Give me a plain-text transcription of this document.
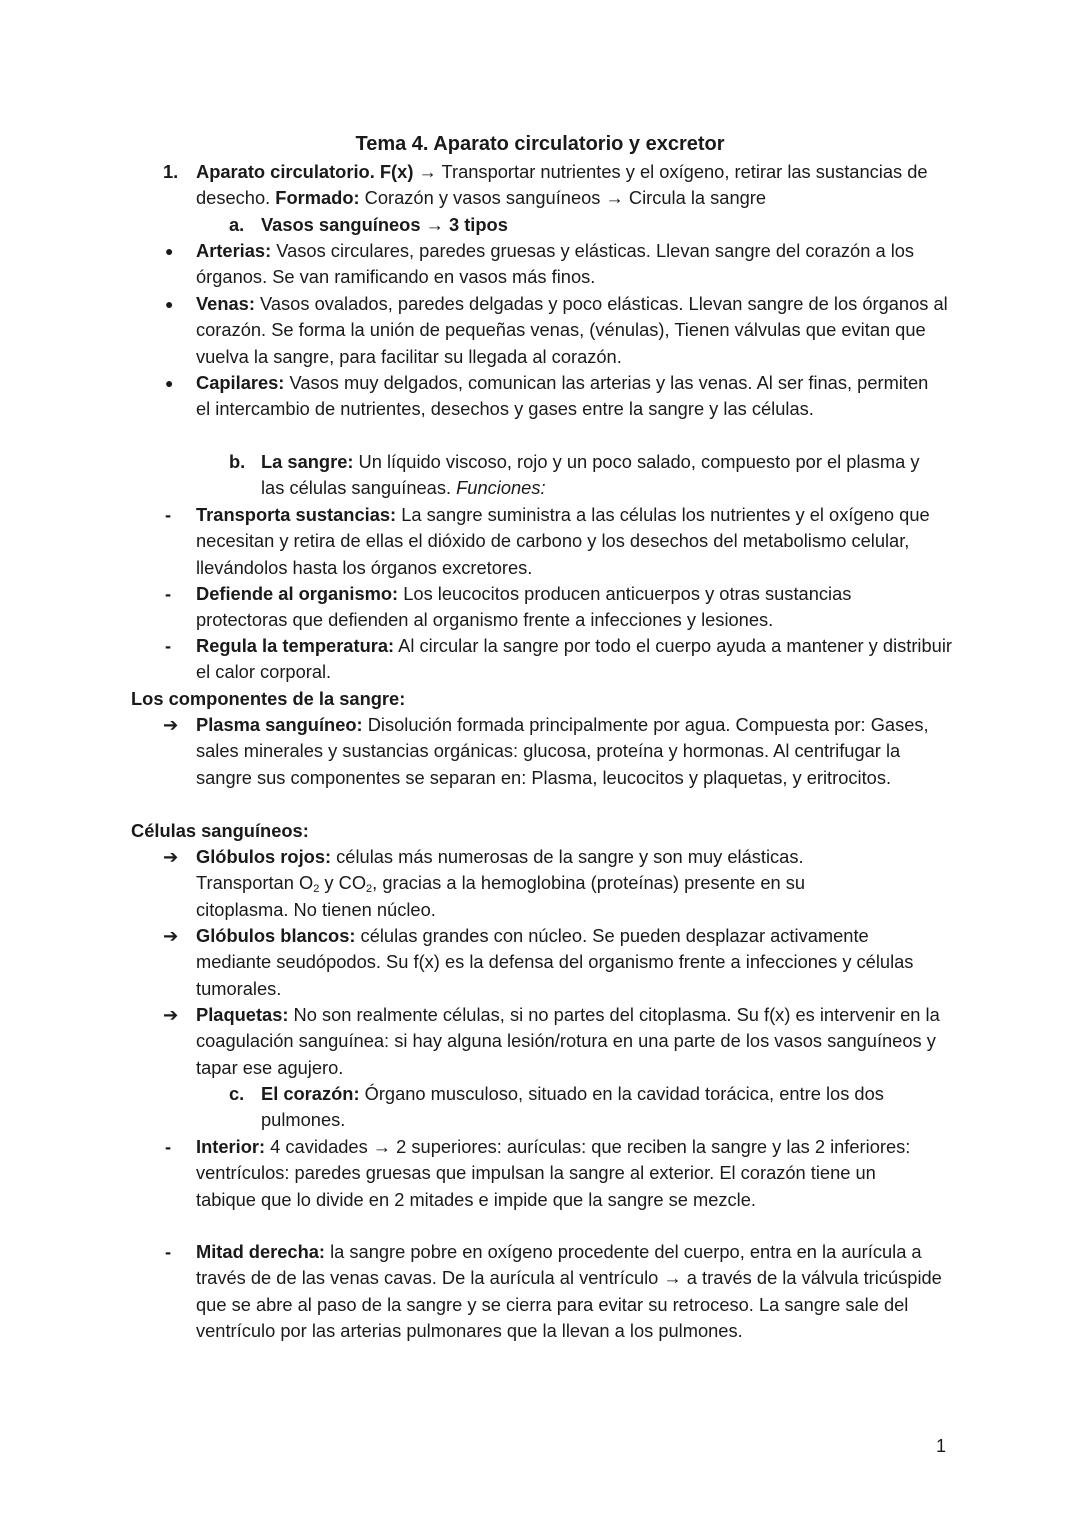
Tema 4. Aparato circulatorio y excretor
1. Aparato circulatorio. F(x) → Transportar nutrientes y el oxígeno, retirar las sustancias de desecho. Formado: Corazón y vasos sanguíneos → Circula la sangre
a. Vasos sanguíneos → 3 tipos
● Arterias: Vasos circulares, paredes gruesas y elásticas. Llevan sangre del corazón a los órganos. Se van ramificando en vasos más finos.
● Venas: Vasos ovalados, paredes delgadas y poco elásticas. Llevan sangre de los órganos al corazón. Se forma la unión de pequeñas venas, (vénulas), Tienen válvulas que evitan que vuelva la sangre, para facilitar su llegada al corazón.
● Capilares: Vasos muy delgados, comunican las arterias y las venas. Al ser finas, permiten el intercambio de nutrientes, desechos y gases entre la sangre y las células.
b. La sangre: Un líquido viscoso, rojo y un poco salado, compuesto por el plasma y las células sanguíneas. Funciones:
- Transporta sustancias: La sangre suministra a las células los nutrientes y el oxígeno que necesitan y retira de ellas el dióxido de carbono y los desechos del metabolismo celular, llevándolos hasta los órganos excretores.
- Defiende al organismo: Los leucocitos producen anticuerpos y otras sustancias protectoras que defienden al organismo frente a infecciones y lesiones.
- Regula la temperatura: Al circular la sangre por todo el cuerpo ayuda a mantener y distribuir el calor corporal.
Los componentes de la sangre:
➔ Plasma sanguíneo: Disolución formada principalmente por agua. Compuesta por: Gases, sales minerales y sustancias orgánicas: glucosa, proteína y hormonas. Al centrifugar la sangre sus componentes se separan en: Plasma, leucocitos y plaquetas, y eritrocitos.
Células sanguíneos:
➔ Glóbulos rojos: células más numerosas de la sangre y son muy elásticas. Transportan $O_2$ y $CO_2$, gracias a la hemoglobina (proteínas) presente en su citoplasma. No tienen núcleo.
➔ Glóbulos blancos: células grandes con núcleo. Se pueden desplazar activamente mediante seudópodos. Su f(x) es la defensa del organismo frente a infecciones y células tumorales.
➔ Plaquetas: No son realmente células, si no partes del citoplasma. Su f(x) es intervenir en la coagulación sanguínea: si hay alguna lesión/rotura en una parte de los vasos sanguíneos y tapar ese agujero.
c. El corazón: Órgano musculoso, situado en la cavidad torácica, entre los dos pulmones.
- Interior: 4 cavidades → 2 superiores: aurículas: que reciben la sangre y las 2 inferiores: ventrículos: paredes gruesas que impulsan la sangre al exterior. El corazón tiene un tabique que lo divide en 2 mitades e impide que la sangre se mezcle.
- Mitad derecha: la sangre pobre en oxígeno procedente del cuerpo, entra en la aurícula a través de de las venas cavas. De la aurícula al ventrículo → a través de la válvula tricúspide que se abre al paso de la sangre y se cierra para evitar su retroceso. La sangre sale del ventrículo por las arterias pulmonares que la llevan a los pulmones.
1
